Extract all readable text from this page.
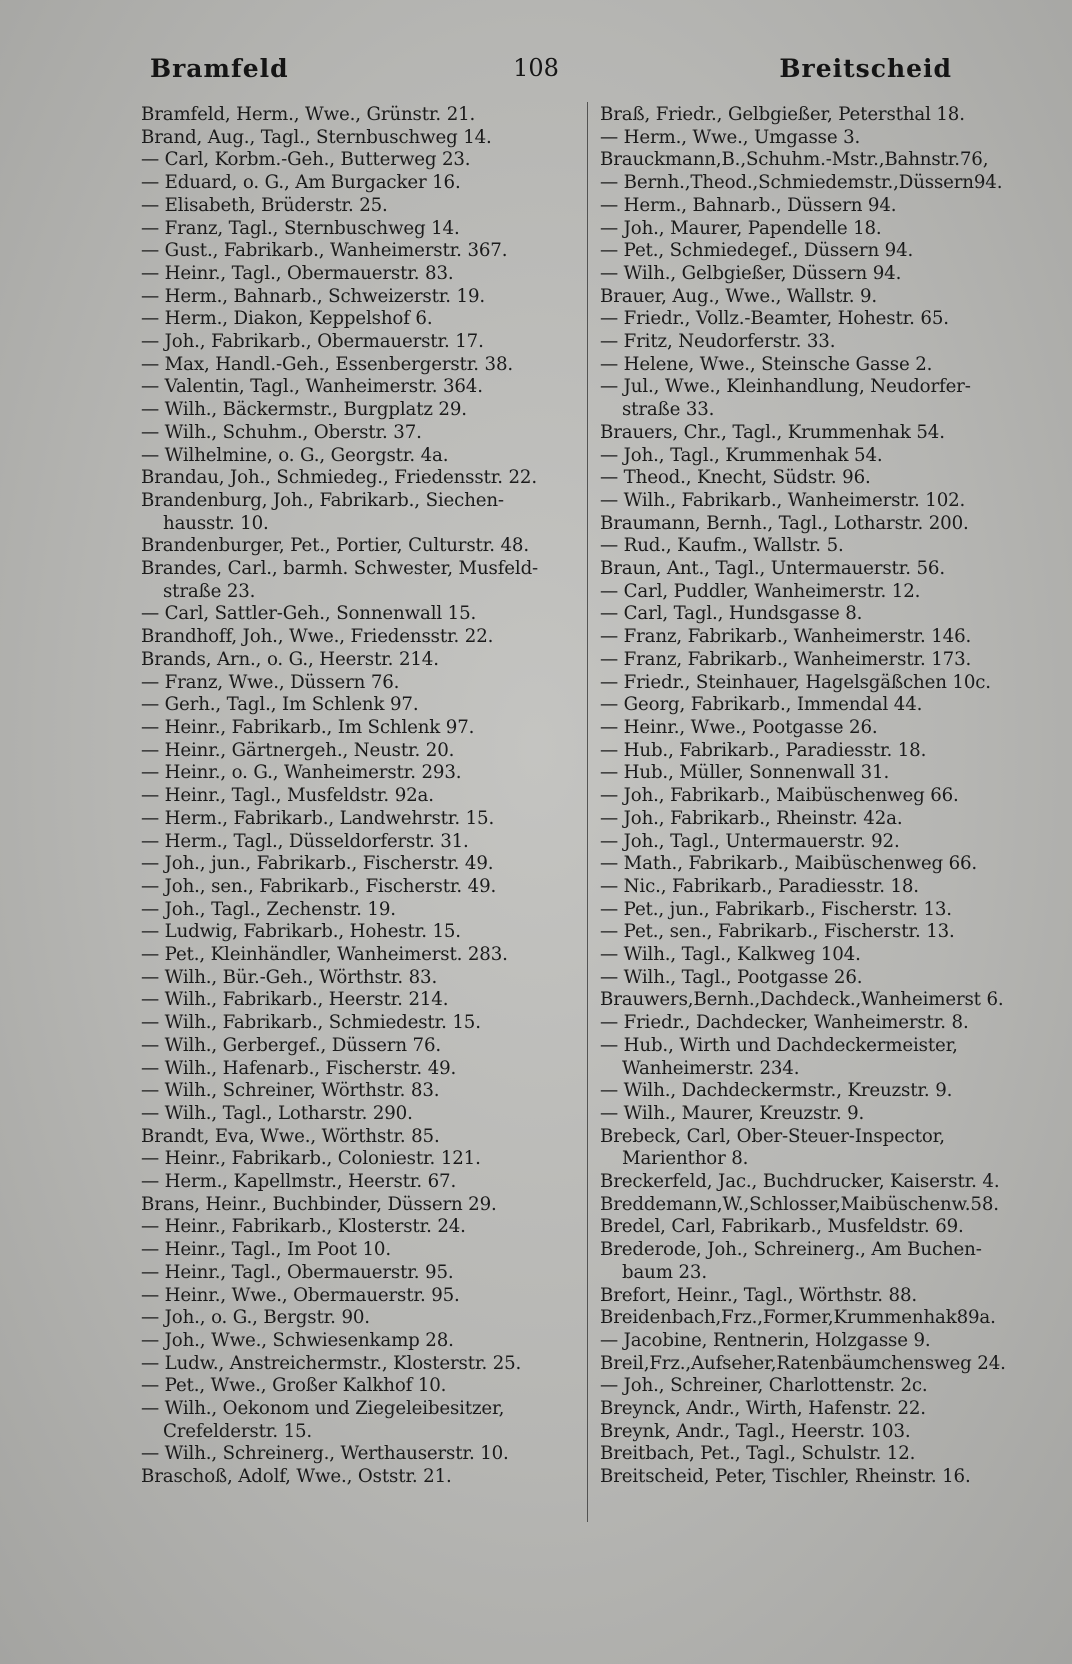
Bramfeld	108	Breitscheid
Bramfeld, Herm., Wwe., Grünstr. 21.
Brand, Aug., Tagl., Sternbuschweg 14.
— Carl, Korbm.-Geh., Butterweg 23.
— Eduard, o. G., Am Burgacker 16.
— Elisabeth, Brüderstr. 25.
— Franz, Tagl., Sternbuschweg 14.
— Gust., Fabrikarb., Wanheimerstr. 367.
— Heinr., Tagl., Obermauerstr. 83.
— Herm., Bahnarb., Schweizerstr. 19.
— Herm., Diakon, Keppelshof 6.
— Joh., Fabrikarb., Obermauerstr. 17.
— Max, Handl.-Geh., Essenbergerstr. 38.
— Valentin, Tagl., Wanheimerstr. 364.
— Wilh., Bäckermstr., Burgplatz 29.
— Wilh., Schuhm., Oberstr. 37.
— Wilhelmine, o. G., Georgstr. 4a.
Brandau, Joh., Schmiedeg., Friedensstr. 22.
Brandenburg, Joh., Fabrikarb., Siechen-
hausstr. 10.
Brandenburger, Pet., Portier, Culturstr. 48.
Brandes, Carl., barmh. Schwester, Musfeld-
straße 23.
— Carl, Sattler-Geh., Sonnenwall 15.
Brandhoff, Joh., Wwe., Friedensstr. 22.
Brands, Arn., o. G., Heerstr. 214.
— Franz, Wwe., Düssern 76.
— Gerh., Tagl., Im Schlenk 97.
— Heinr., Fabrikarb., Im Schlenk 97.
— Heinr., Gärtnergeh., Neustr. 20.
— Heinr., o. G., Wanheimerstr. 293.
— Heinr., Tagl., Musfeldstr. 92a.
— Herm., Fabrikarb., Landwehrstr. 15.
— Herm., Tagl., Düsseldorferstr. 31.
— Joh., jun., Fabrikarb., Fischerstr. 49.
— Joh., sen., Fabrikarb., Fischerstr. 49.
— Joh., Tagl., Zechenstr. 19.
— Ludwig, Fabrikarb., Hohestr. 15.
— Pet., Kleinhändler, Wanheimerst. 283.
— Wilh., Bür.-Geh., Wörthstr. 83.
— Wilh., Fabrikarb., Heerstr. 214.
— Wilh., Fabrikarb., Schmiedestr. 15.
— Wilh., Gerbergef., Düssern 76.
— Wilh., Hafenarb., Fischerstr. 49.
— Wilh., Schreiner, Wörthstr. 83.
— Wilh., Tagl., Lotharstr. 290.
Brandt, Eva, Wwe., Wörthstr. 85.
— Heinr., Fabrikarb., Coloniestr. 121.
— Herm., Kapellmstr., Heerstr. 67.
Brans, Heinr., Buchbinder, Düssern 29.
— Heinr., Fabrikarb., Klosterstr. 24.
— Heinr., Tagl., Im Poot 10.
— Heinr., Tagl., Obermauerstr. 95.
— Heinr., Wwe., Obermauerstr. 95.
— Joh., o. G., Bergstr. 90.
— Joh., Wwe., Schwiesenkamp 28.
— Ludw., Anstreichermstr., Klosterstr. 25.
— Pet., Wwe., Großer Kalkhof 10.
— Wilh., Oekonom und Ziegeleibesitzer,
Crefelderstr. 15.
— Wilh., Schreinerg., Werthauserstr. 10.
Braschoß, Adolf, Wwe., Oststr. 21.
Braß, Friedr., Gelbgießer, Petersthal 18.
— Herm., Wwe., Umgasse 3.
Brauckmann,B.,Schuhm.-Mstr.,Bahnstr.76,
— Bernh.,Theod.,Schmiedemstr.,Düssern94.
— Herm., Bahnarb., Düssern 94.
— Joh., Maurer, Papendelle 18.
— Pet., Schmiedegef., Düssern 94.
— Wilh., Gelbgießer, Düssern 94.
Brauer, Aug., Wwe., Wallstr. 9.
— Friedr., Vollz.-Beamter, Hohestr. 65.
— Fritz, Neudorferstr. 33.
— Helene, Wwe., Steinsche Gasse 2.
— Jul., Wwe., Kleinhandlung, Neudorfer-
straße 33.
Brauers, Chr., Tagl., Krummenhak 54.
— Joh., Tagl., Krummenhak 54.
— Theod., Knecht, Südstr. 96.
— Wilh., Fabrikarb., Wanheimerstr. 102.
Braumann, Bernh., Tagl., Lotharstr. 200.
— Rud., Kaufm., Wallstr. 5.
Braun, Ant., Tagl., Untermauerstr. 56.
— Carl, Puddler, Wanheimerstr. 12.
— Carl, Tagl., Hundsgasse 8.
— Franz, Fabrikarb., Wanheimerstr. 146.
— Franz, Fabrikarb., Wanheimerstr. 173.
— Friedr., Steinhauer, Hagelsgäßchen 10c.
— Georg, Fabrikarb., Immendal 44.
— Heinr., Wwe., Pootgasse 26.
— Hub., Fabrikarb., Paradiesstr. 18.
— Hub., Müller, Sonnenwall 31.
— Joh., Fabrikarb., Maibüschenweg 66.
— Joh., Fabrikarb., Rheinstr. 42a.
— Joh., Tagl., Untermauerstr. 92.
— Math., Fabrikarb., Maibüschenweg 66.
— Nic., Fabrikarb., Paradiesstr. 18.
— Pet., jun., Fabrikarb., Fischerstr. 13.
— Pet., sen., Fabrikarb., Fischerstr. 13.
— Wilh., Tagl., Kalkweg 104.
— Wilh., Tagl., Pootgasse 26.
Brauwers,Bernh.,Dachdeck.,Wanheimerst 6.
— Friedr., Dachdecker, Wanheimerstr. 8.
— Hub., Wirth und Dachdeckermeister,
Wanheimerstr. 234.
— Wilh., Dachdeckermstr., Kreuzstr. 9.
— Wilh., Maurer, Kreuzstr. 9.
Brebeck, Carl, Ober-Steuer-Inspector,
Marienthor 8.
Breckerfeld, Jac., Buchdrucker, Kaiserstr. 4.
Breddemann,W.,Schlosser,Maibüschenw.58.
Bredel, Carl, Fabrikarb., Musfeldstr. 69.
Brederode, Joh., Schreinerg., Am Buchen-
baum 23.
Brefort, Heinr., Tagl., Wörthstr. 88.
Breidenbach,Frz.,Former,Krummenhak89a.
— Jacobine, Rentnerin, Holzgasse 9.
Breil,Frz.,Aufseher,Ratenbäumchensweg 24.
— Joh., Schreiner, Charlottenstr. 2c.
Breynck, Andr., Wirth, Hafenstr. 22.
Breynk, Andr., Tagl., Heerstr. 103.
Breitbach, Pet., Tagl., Schulstr. 12.
Breitscheid, Peter, Tischler, Rheinstr. 16.
